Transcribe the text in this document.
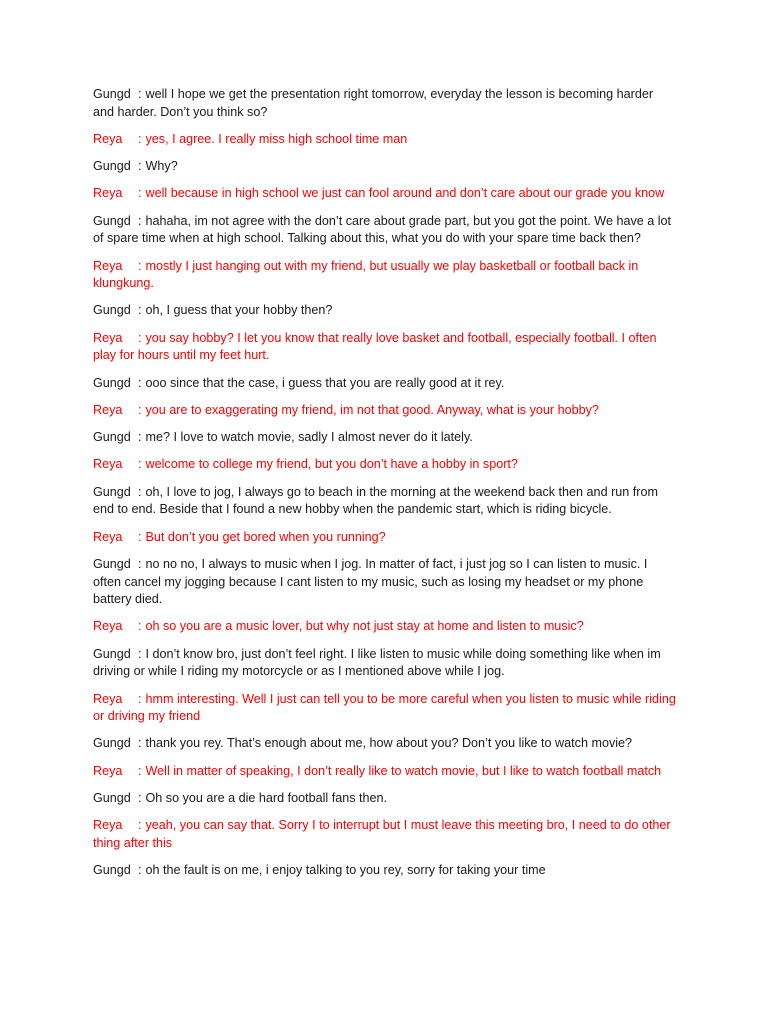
Gungd : well I hope we get the presentation right tomorrow, everyday the lesson is becoming harder and harder. Don’t you think so?

Reya	: yes, I agree. I really miss high school time man

Gungd : Why?

Reya	: well because in high school we just can fool around and don’t care about our grade you know

Gungd : hahaha, im not agree with the don’t care about grade part, but you got the point. We have a lot of spare time when at high school. Talking about this, what you do with your spare time back then?

Reya	: mostly I just hanging out with my friend, but usually we play basketball or football back in klungkung.

Gungd : oh, I guess that your hobby then?

Reya	: you say hobby? I let you know that really love basket and football, especially football. I often play for hours until my feet hurt.

Gungd : ooo since that the case, i guess that you are really good at it rey.

Reya	: you are to exaggerating my friend, im not that good. Anyway, what is your hobby?

Gungd : me? I love to watch movie, sadly I almost never do it lately.

Reya	: welcome to college my friend, but you don’t have a hobby in sport?

Gungd : oh, I love to jog, I always go to beach in the morning at the weekend back then and run from end to end. Beside that I found a new hobby when the pandemic start, which is riding bicycle.

Reya	: But don’t you get bored when you running?

Gungd : no no no, I always to music when I jog. In matter of fact, i just jog so I can listen to music. I often cancel my jogging because I cant listen to my music, such as losing my headset or my phone battery died.

Reya	: oh so you are a music lover, but why not just stay at home and listen to music?

Gungd : I don’t know bro, just don’t feel right. I like listen to music while doing something like when im driving or while I riding my motorcycle or as I mentioned above while I jog.

Reya	: hmm interesting. Well I just can tell you to be more careful when you listen to music while riding or driving my friend

Gungd : thank you rey. That’s enough about me, how about you? Don’t you like to watch movie?

Reya	: Well in matter of speaking, I don’t really like to watch movie, but I like to watch football match

Gungd : Oh so you are a die hard football fans then.

Reya	: yeah, you can say that. Sorry I to interrupt but I must leave this meeting bro, I need to do other thing after this

Gungd : oh the fault is on me, i enjoy talking to you rey, sorry for taking your time
